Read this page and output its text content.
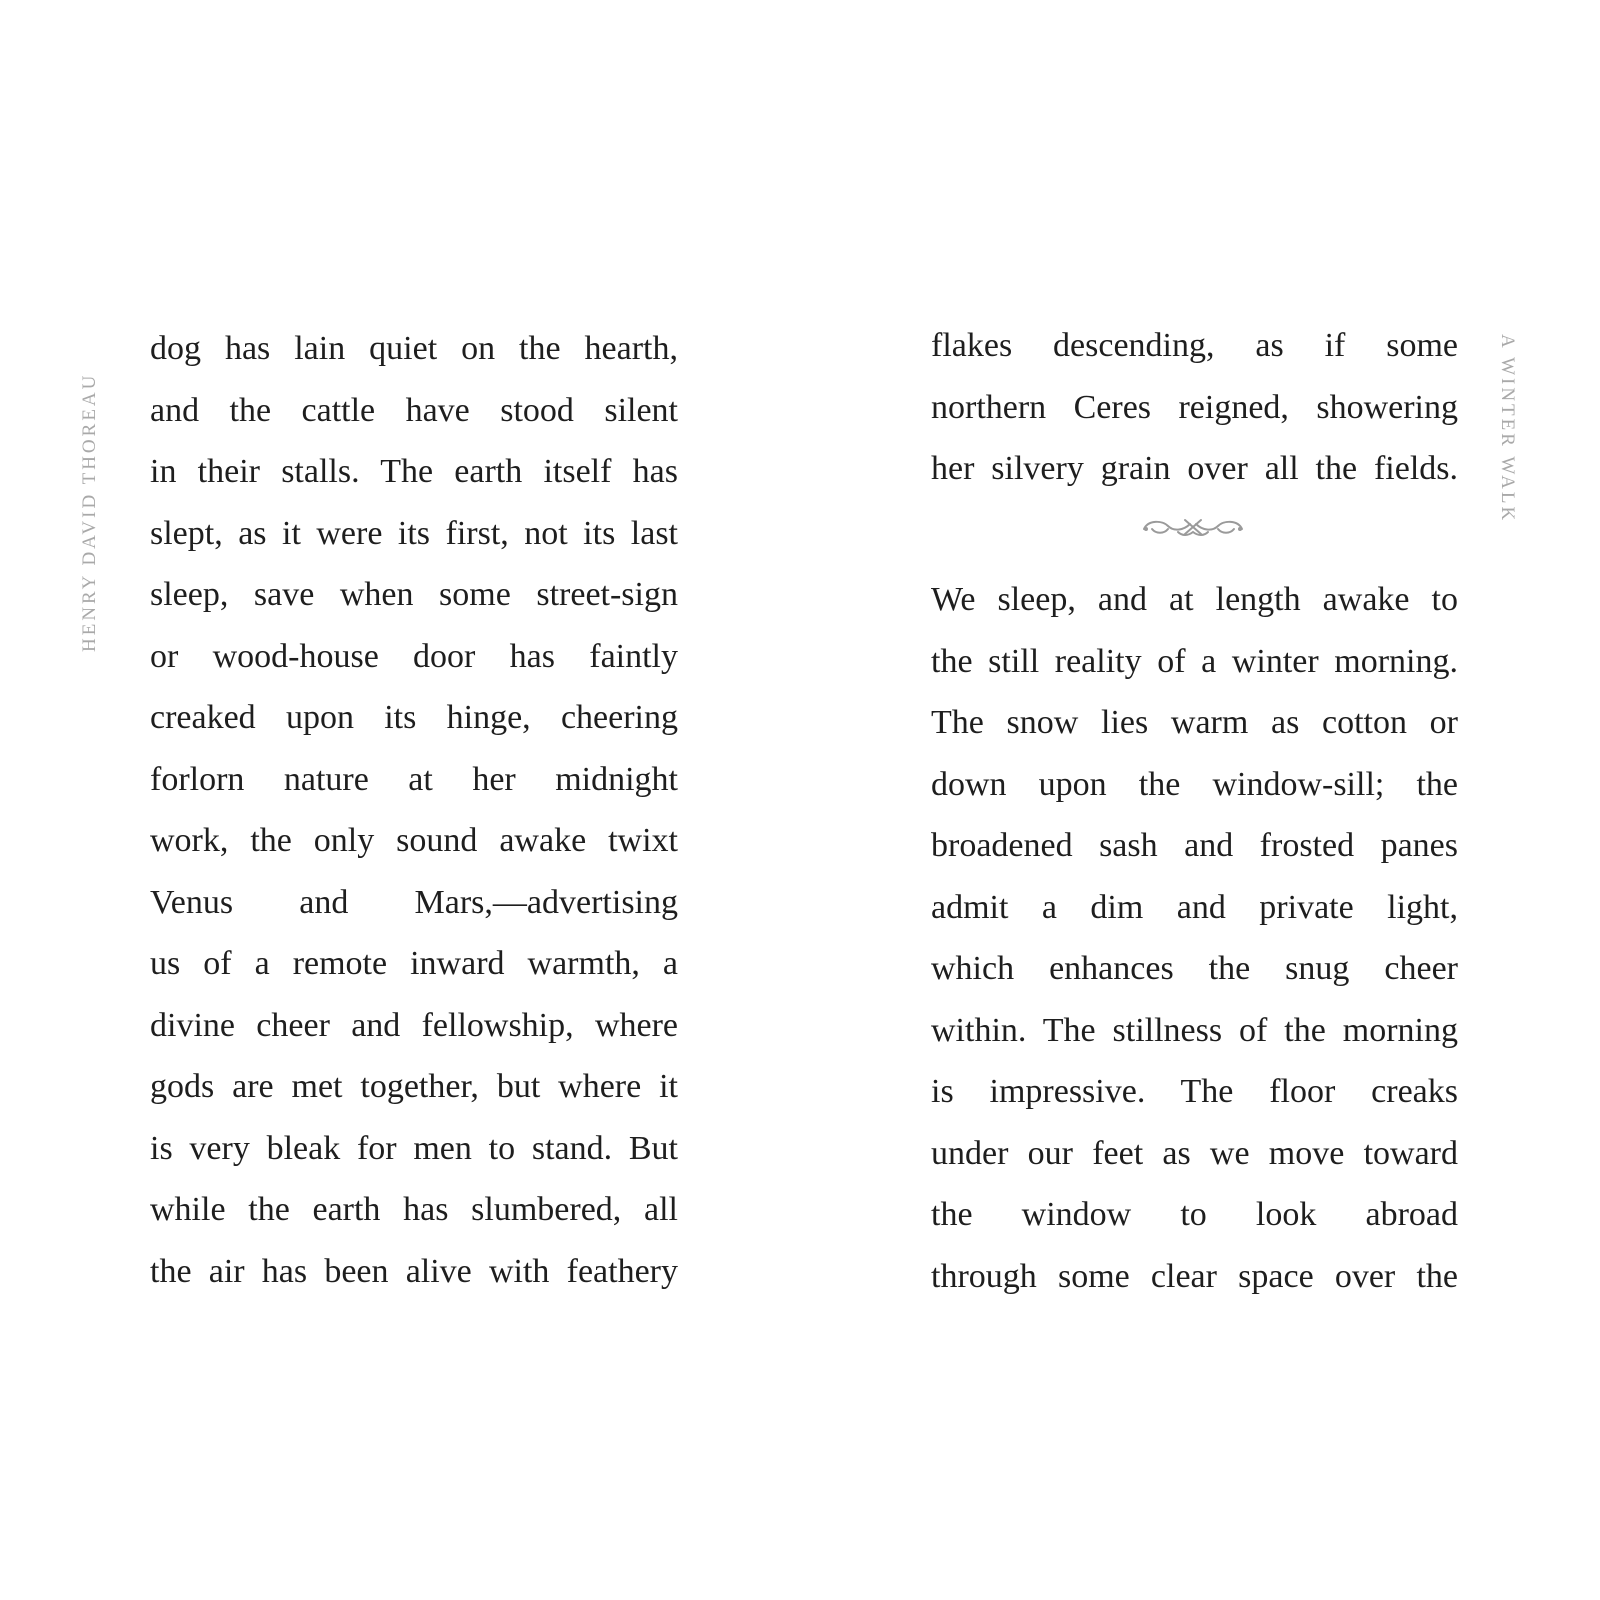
HENRY DAVID THOREAU
dog has lain quiet on the hearth,
and the cattle have stood silent
in their stalls. The earth itself has
slept, as it were its first, not its last
sleep, save when some street-sign
or wood-house door has faintly
creaked upon its hinge, cheering
forlorn nature at her midnight
work, the only sound awake twixt
Venus and Mars,—advertising
us of a remote inward warmth, a
divine cheer and fellowship, where
gods are met together, but where it
is very bleak for men to stand. But
while the earth has slumbered, all
the air has been alive with feathery
flakes descending, as if some
northern Ceres reigned, showering
her silvery grain over all the fields.
We sleep, and at length awake to
the still reality of a winter morning.
The snow lies warm as cotton or
down upon the window-sill; the
broadened sash and frosted panes
admit a dim and private light,
which enhances the snug cheer
within. The stillness of the morning
is impressive. The floor creaks
under our feet as we move toward
the window to look abroad
through some clear space over the
A WINTER WALK
